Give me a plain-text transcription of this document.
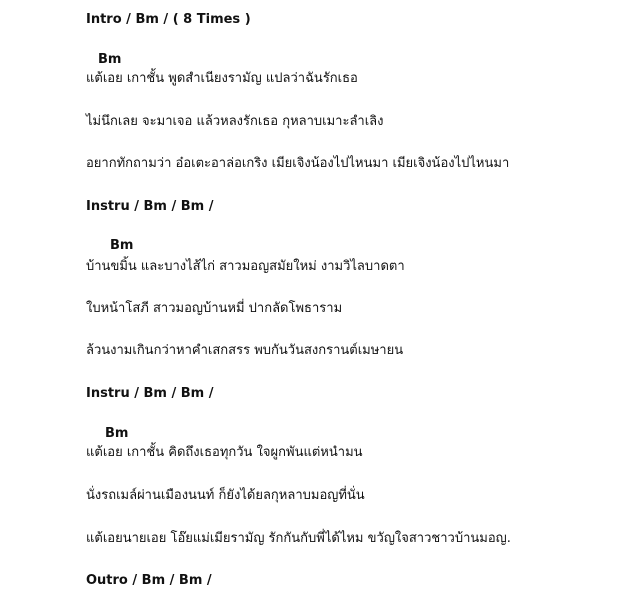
Intro / Bm / ( 8 Times )
Bm
แต้เอย เกาชั้น พูดสำเนียงรามัญ แปลว่าฉันรักเธอ
ไม่นึกเลย จะมาเจอ แล้วหลงรักเธอ กุหลาบเมาะลำเลิง
อยากทักถามว่า อ๋อเตะอาล่อเกริง เมียเจิงน้องไปไหนมา เมียเจิงน้องไปไหนมา
Instru / Bm / Bm /
Bm
บ้านขมิ้น และบางไส้ไก่ สาวมอญสมัยใหม่ งามวิไลบาดตา
ใบหน้าโสภี สาวมอญบ้านหมี่ ปากลัดโพธาราม
ล้วนงามเกินกว่าหาคำเสกสรร พบกันวันสงกรานต์เมษายน
Instru / Bm / Bm /
Bm
แต้เอย เกาชั้น คิดถึงเธอทุกวัน ใจผูกพันแต่หนำมน
นั่งรถเมล์ผ่านเมืองนนท์ ก็ยังได้ยลกุหลาบมอญที่นั่น
แต้เอยนายเอย โอ๊ยแม่เมียรามัญ รักกันกับพี่ได้ไหม ขวัญใจสาวชาวบ้านมอญ.
Outro / Bm / Bm /
